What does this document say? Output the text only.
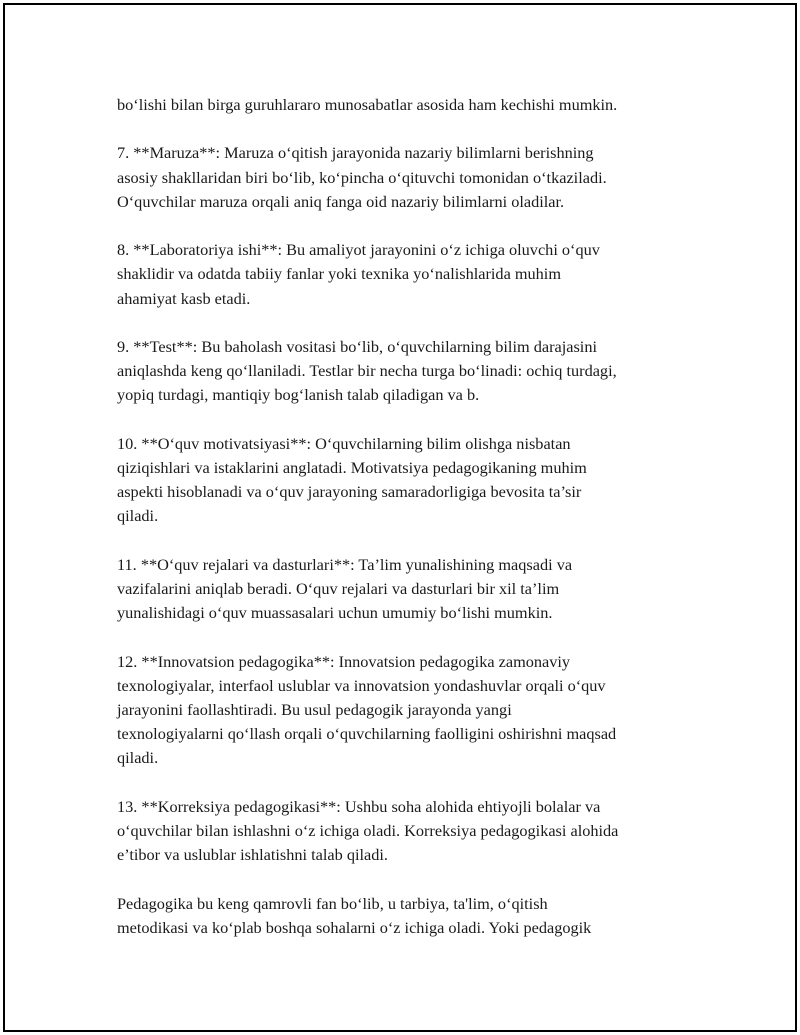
bo‘lishi bilan birga guruhlararo munosabatlar asosida ham kechishi mumkin.

7. **Maruza**: Maruza o‘qitish jarayonida nazariy bilimlarni berishning
asosiy shakllaridan biri bo‘lib, ko‘pincha o‘qituvchi tomonidan o‘tkaziladi.
O‘quvchilar maruza orqali aniq fanga oid nazariy bilimlarni oladilar.

8. **Laboratoriya ishi**: Bu amaliyot jarayonini o‘z ichiga oluvchi o‘quv
shaklidir va odatda tabiiy fanlar yoki texnika yo‘nalishlarida muhim
ahamiyat kasb etadi.

9. **Test**: Bu baholash vositasi bo‘lib, o‘quvchilarning bilim darajasini
aniqlashda keng qo‘llaniladi. Testlar bir necha turga bo‘linadi: ochiq turdagi,
yopiq turdagi, mantiqiy bog‘lanish talab qiladigan va b.

10. **O‘quv motivatsiyasi**: O‘quvchilarning bilim olishga nisbatan
qiziqishlari va istaklarini anglatadi. Motivatsiya pedagogikaning muhim
aspekti hisoblanadi va o‘quv jarayoning samaradorligiga bevosita ta’sir
qiladi.

11. **O‘quv rejalari va dasturlari**: Ta’lim yunalishining maqsadi va
vazifalarini aniqlab beradi. O‘quv rejalari va dasturlari bir xil ta’lim
yunalishidagi o‘quv muassasalari uchun umumiy bo‘lishi mumkin.

12. **Innovatsion pedagogika**: Innovatsion pedagogika zamonaviy
texnologiyalar, interfaol uslublar va innovatsion yondashuvlar orqali o‘quv
jarayonini faollashtiradi. Bu usul pedagogik jarayonda yangi
texnologiyalarni qo‘llash orqali o‘quvchilarning faolligini oshirishni maqsad
qiladi.

13. **Korreksiya pedagogikasi**: Ushbu soha alohida ehtiyojli bolalar va
o‘quvchilar bilan ishlashni o‘z ichiga oladi. Korreksiya pedagogikasi alohida
e’tibor va uslublar ishlatishni talab qiladi.

Pedagogika bu keng qamrovli fan bo‘lib, u tarbiya, ta'lim, o‘qitish
metodikasi va ko‘plab boshqa sohalarni o‘z ichiga oladi. Yoki pedagogik
